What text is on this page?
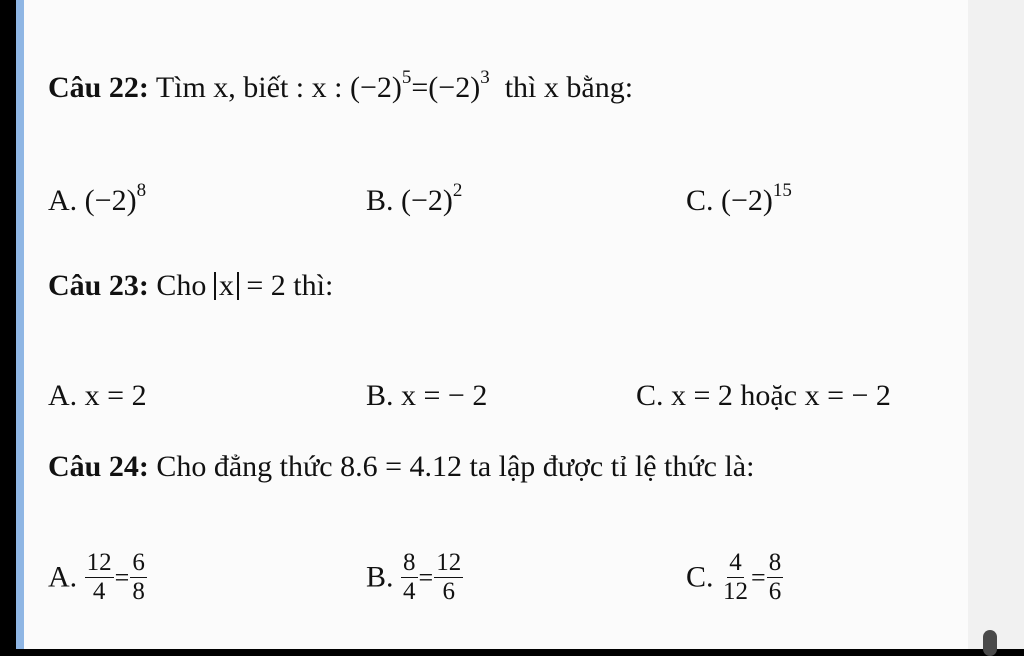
Câu 22: Tìm x, biết : x : $(-2)^5=(-2)^3$ thì x bằng:
A. $(-2)^8$	B. $(-2)^2$	C. $(-2)^{15}$
Câu 23: Cho x = 2 thì:
A. x = 2	B. x = − 2	C. x = 2 hoặc x = − 2
Câu 24: Cho đẳng thức 8.6 = 4.12 ta lập được tỉ lệ thức là:
A. $\frac{12}{4} = \frac{6}{8}$	B. $\frac{8}{4} = \frac{12}{6}$	C. $\frac{4}{12} = \frac{8}{6}$
